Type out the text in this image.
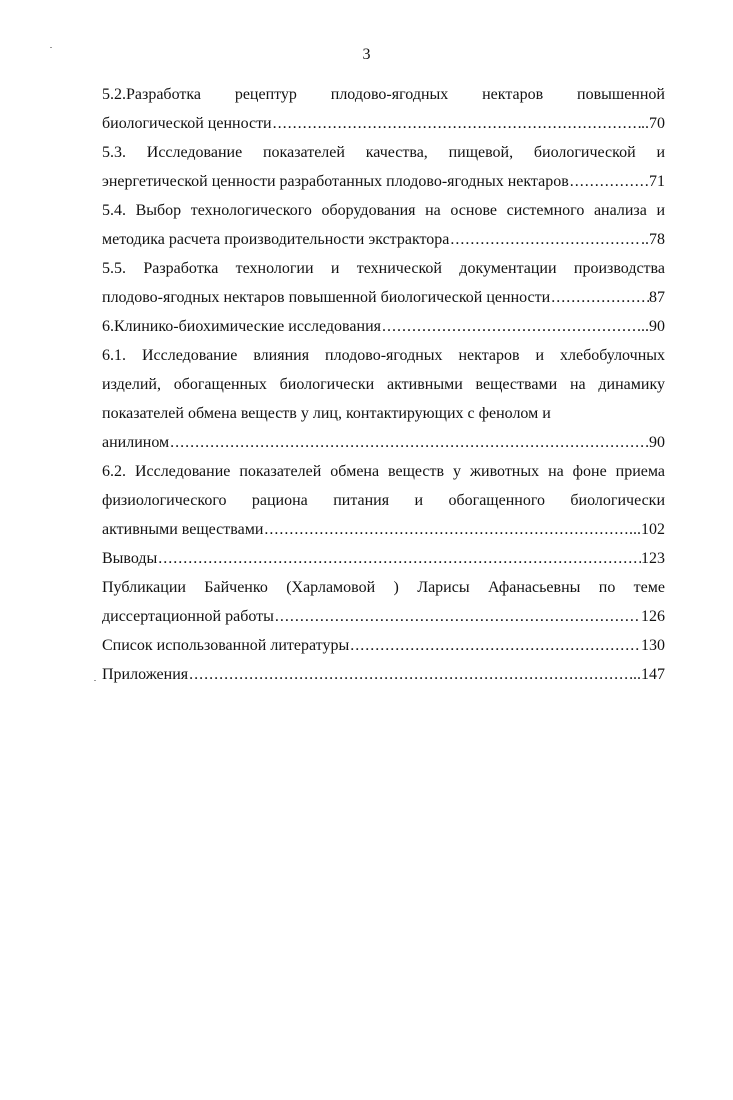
3
5.2.Разработка рецептур плодово-ягодных нектаров повышенной
биологической ценности .....	..70
5.3. Исследование показателей качества, пищевой, биологической и
энергетической ценности разработанных плодово-ягодных нектаров .....	71
5.4. Выбор технологического оборудования на основе системного анализа и
методика расчета производительности экстрактора .....	..78
5.5. Разработка технологии и технической документации производства
плодово-ягодных нектаров повышенной биологической ценности .....	87
6.Клинико-биохимические исследования .....	..90
6.1. Исследование влияния плодово-ягодных нектаров и хлебобулочных
изделий, обогащенных биологически активными веществами на динамику
показателей обмена веществ у лиц, контактирующих с фенолом и
анилином .....	90
6.2. Исследование показателей обмена веществ у животных на фоне приема
физиологического рациона питания и обогащенного биологически
активными веществами .....	...102
Выводы .....	123
Публикации Байченко (Харламовой ) Ларисы Афанасьевны по теме
диссертационной работы .....	126
Список использованной литературы .....	130
Приложения .....	..147
